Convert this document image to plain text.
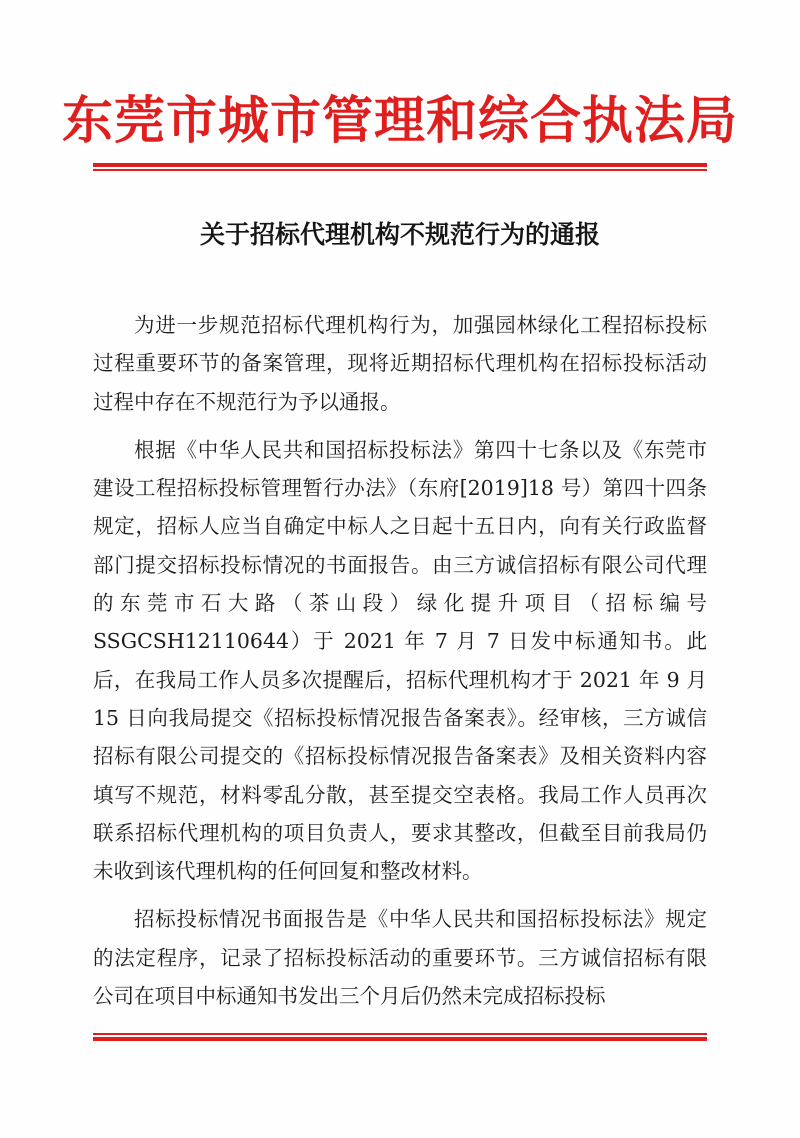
东莞市城市管理和综合执法局
关于招标代理机构不规范行为的通报

为进一步规范招标代理机构行为，加强园林绿化工程招标投标过程重要环节的备案管理，现将近期招标代理机构在招标投标活动过程中存在不规范行为予以通报。

根据《中华人民共和国招标投标法》第四十七条以及《东莞市建设工程招标投标管理暂行办法》（东府[2019]18 号）第四十四条规定，招标人应当自确定中标人之日起十五日内，向有关行政监督部门提交招标投标情况的书面报告。由三方诚信招标有限公司代理的东莞市石大路（茶山段）绿化提升项目（招标编号SSGCSH12110644）于 2021 年 7 月 7 日发中标通知书。此后，在我局工作人员多次提醒后，招标代理机构才于 2021 年 9 月 15 日向我局提交《招标投标情况报告备案表》。经审核，三方诚信招标有限公司提交的《招标投标情况报告备案表》及相关资料内容填写不规范，材料零乱分散，甚至提交空表格。我局工作人员再次联系招标代理机构的项目负责人，要求其整改，但截至目前我局仍未收到该代理机构的任何回复和整改材料。

招标投标情况书面报告是《中华人民共和国招标投标法》规定的法定程序，记录了招标投标活动的重要环节。三方诚信招标有限公司在项目中标通知书发出三个月后仍然未完成招标投标
